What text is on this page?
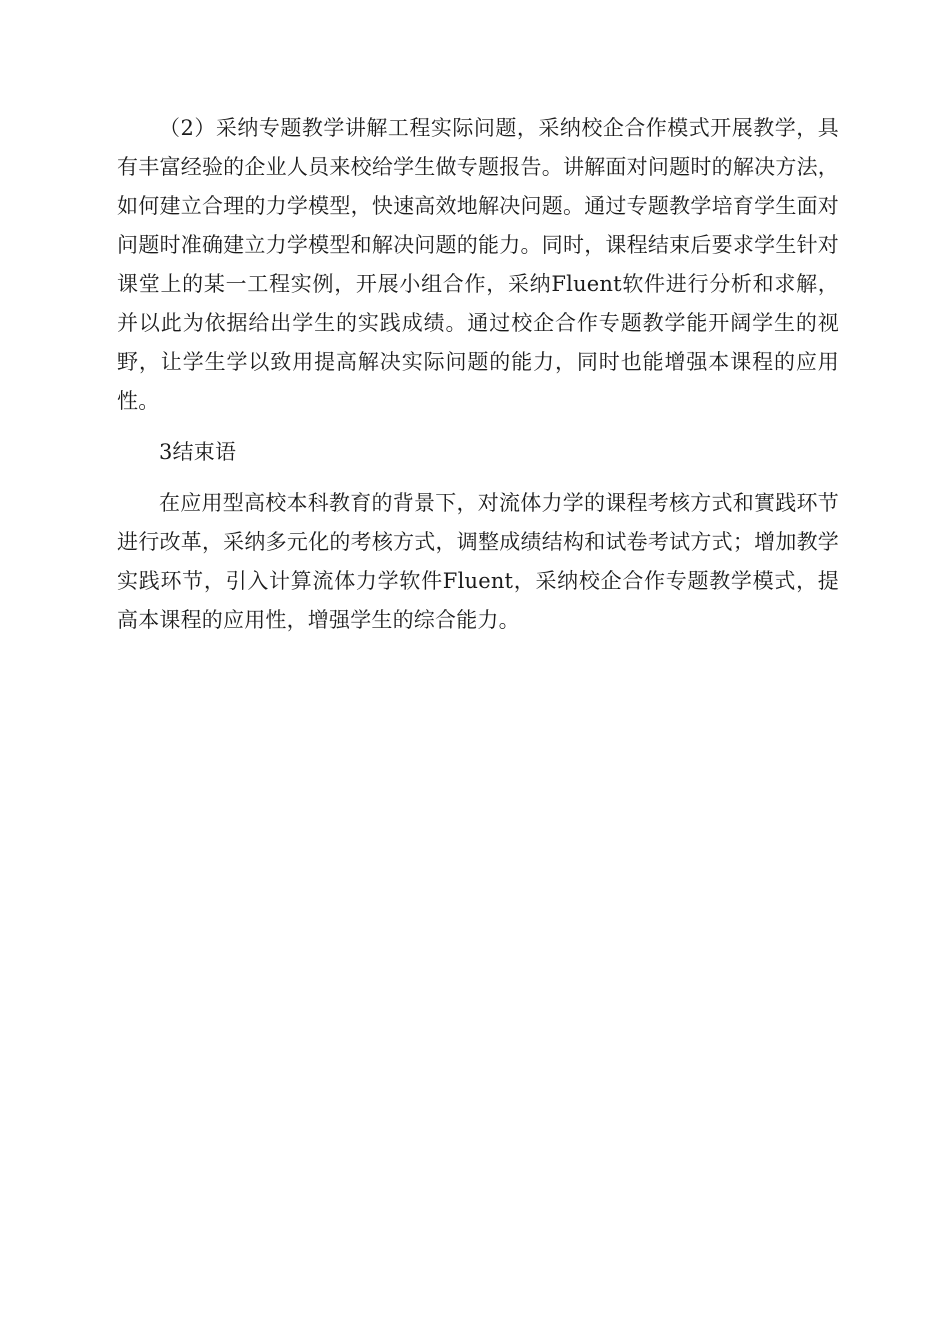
（2）采纳专题教学讲解工程实际问题，采纳校企合作模式开展教学，具有丰富经验的企业人员来校给学生做专题报告。讲解面对问题时的解决方法，如何建立合理的力学模型，快速高效地解决问题。通过专题教学培育学生面对问题时准确建立力学模型和解决问题的能力。同时，课程结束后要求学生针对课堂上的某一工程实例，开展小组合作，采纳Fluent软件进行分析和求解，并以此为依据给出学生的实践成绩。通过校企合作专题教学能开阔学生的视野，让学生学以致用提高解决实际问题的能力，同时也能增强本课程的应用性。

3结束语

在应用型高校本科教育的背景下，对流体力学的课程考核方式和實践环节进行改革，采纳多元化的考核方式，调整成绩结构和试卷考试方式；增加教学实践环节，引入计算流体力学软件Fluent，采纳校企合作专题教学模式，提高本课程的应用性，增强学生的综合能力。
